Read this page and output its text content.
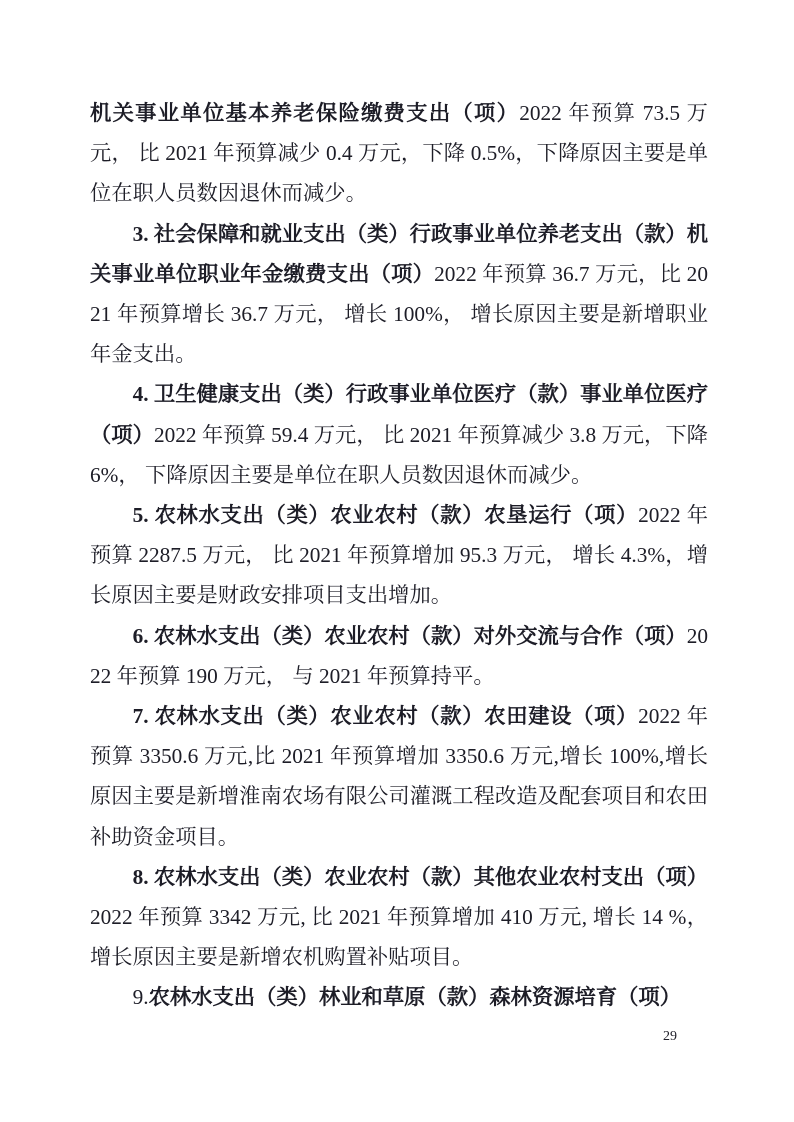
机关事业单位基本养老保险缴费支出（项）2022 年预算 73.5 万元， 比 2021 年预算减少 0.4 万元，下降 0.5%，下降原因主要是单位在职人员数因退休而减少。

3. 社会保障和就业支出（类）行政事业单位养老支出（款）机关事业单位职业年金缴费支出（项）2022 年预算 36.7 万元，比 2021 年预算增长 36.7 万元， 增长 100%， 增长原因主要是新增职业年金支出。

4. 卫生健康支出（类）行政事业单位医疗（款）事业单位医疗（项）2022 年预算 59.4 万元， 比 2021 年预算减少 3.8 万元，下降 6%， 下降原因主要是单位在职人员数因退休而减少。

5. 农林水支出（类）农业农村（款）农垦运行（项）2022 年预算 2287.5 万元， 比 2021 年预算增加 95.3 万元， 增长 4.3%，增长原因主要是财政安排项目支出增加。

6. 农林水支出（类）农业农村（款）对外交流与合作（项）2022 年预算 190 万元， 与 2021 年预算持平。

7. 农林水支出（类）农业农村（款）农田建设（项）2022 年预算 3350.6 万元,比 2021 年预算增加 3350.6 万元,增长 100%,增长原因主要是新增淮南农场有限公司灌溉工程改造及配套项目和农田补助资金项目。

8. 农林水支出（类）农业农村（款）其他农业农村支出（项）2022 年预算 3342 万元, 比 2021 年预算增加 410 万元, 增长 14 %，增长原因主要是新增农机购置补贴项目。

9.农林水支出（类）林业和草原（款）森林资源培育（项）

29
